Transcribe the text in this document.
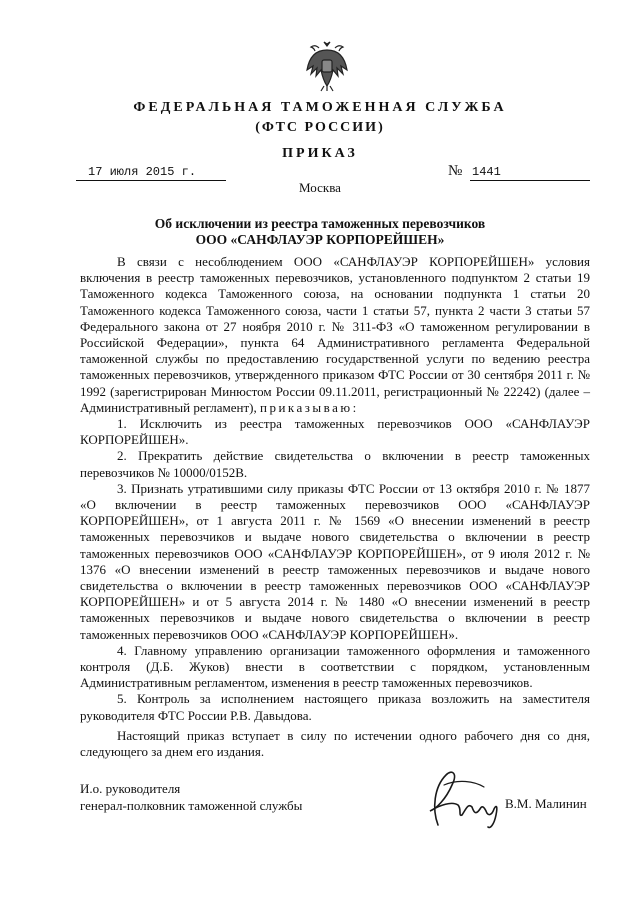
ФЕДЕРАЛЬНАЯ ТАМОЖЕННАЯ СЛУЖБА
(ФТС РОССИИ)
ПРИКАЗ
17 июля 2015 г.	№ 1441
Москва
Об исключении из реестра таможенных перевозчиков
ООО «САНФЛАУЭР КОРПОРЕЙШЕН»

В связи с несоблюдением ООО «САНФЛАУЭР КОРПОРЕЙШЕН» условия включения в реестр таможенных перевозчиков, установленного подпунктом 2 статьи 19 Таможенного кодекса Таможенного союза, на основании подпункта 1 статьи 20 Таможенного кодекса Таможенного союза, части 1 статьи 57, пункта 2 части 3 статьи 57 Федерального закона от 27 ноября 2010 г. № 311-ФЗ «О таможенном регулировании в Российской Федерации», пункта 64 Административного регламента Федеральной таможенной службы по предоставлению государственной услуги по ведению реестра таможенных перевозчиков, утвержденного приказом ФТС России от 30 сентября 2011 г. № 1992 (зарегистрирован Минюстом России 09.11.2011, регистрационный № 22242) (далее – Административный регламент), приказываю:

1. Исключить из реестра таможенных перевозчиков ООО «САНФЛАУЭР КОРПОРЕЙШЕН».

2. Прекратить действие свидетельства о включении в реестр таможенных перевозчиков № 10000/0152В.

3. Признать утратившими силу приказы ФТС России от 13 октября 2010 г. № 1877 «О включении в реестр таможенных перевозчиков ООО «САНФЛАУЭР КОРПОРЕЙШЕН», от 1 августа 2011 г. № 1569 «О внесении изменений в реестр таможенных перевозчиков и выдаче нового свидетельства о включении в реестр таможенных перевозчиков ООО «САНФЛАУЭР КОРПОРЕЙШЕН», от 9 июля 2012 г. № 1376 «О внесении изменений в реестр таможенных перевозчиков и выдаче нового свидетельства о включении в реестр таможенных перевозчиков ООО «САНФЛАУЭР КОРПОРЕЙШЕН» и от 5 августа 2014 г. № 1480 «О внесении изменений в реестр таможенных перевозчиков и выдаче нового свидетельства о включении в реестр таможенных перевозчиков ООО «САНФЛАУЭР КОРПОРЕЙШЕН».

4. Главному управлению организации таможенного оформления и таможенного контроля (Д.Б. Жуков) внести в соответствии с порядком, установленным Административным регламентом, изменения в реестр таможенных перевозчиков.

5. Контроль за исполнением настоящего приказа возложить на заместителя руководителя ФТС России Р.В. Давыдова.

Настоящий приказ вступает в силу по истечении одного рабочего дня со дня, следующего за днем его издания.

И.о. руководителя
генерал-полковник таможенной службы	В.М. Малинин
